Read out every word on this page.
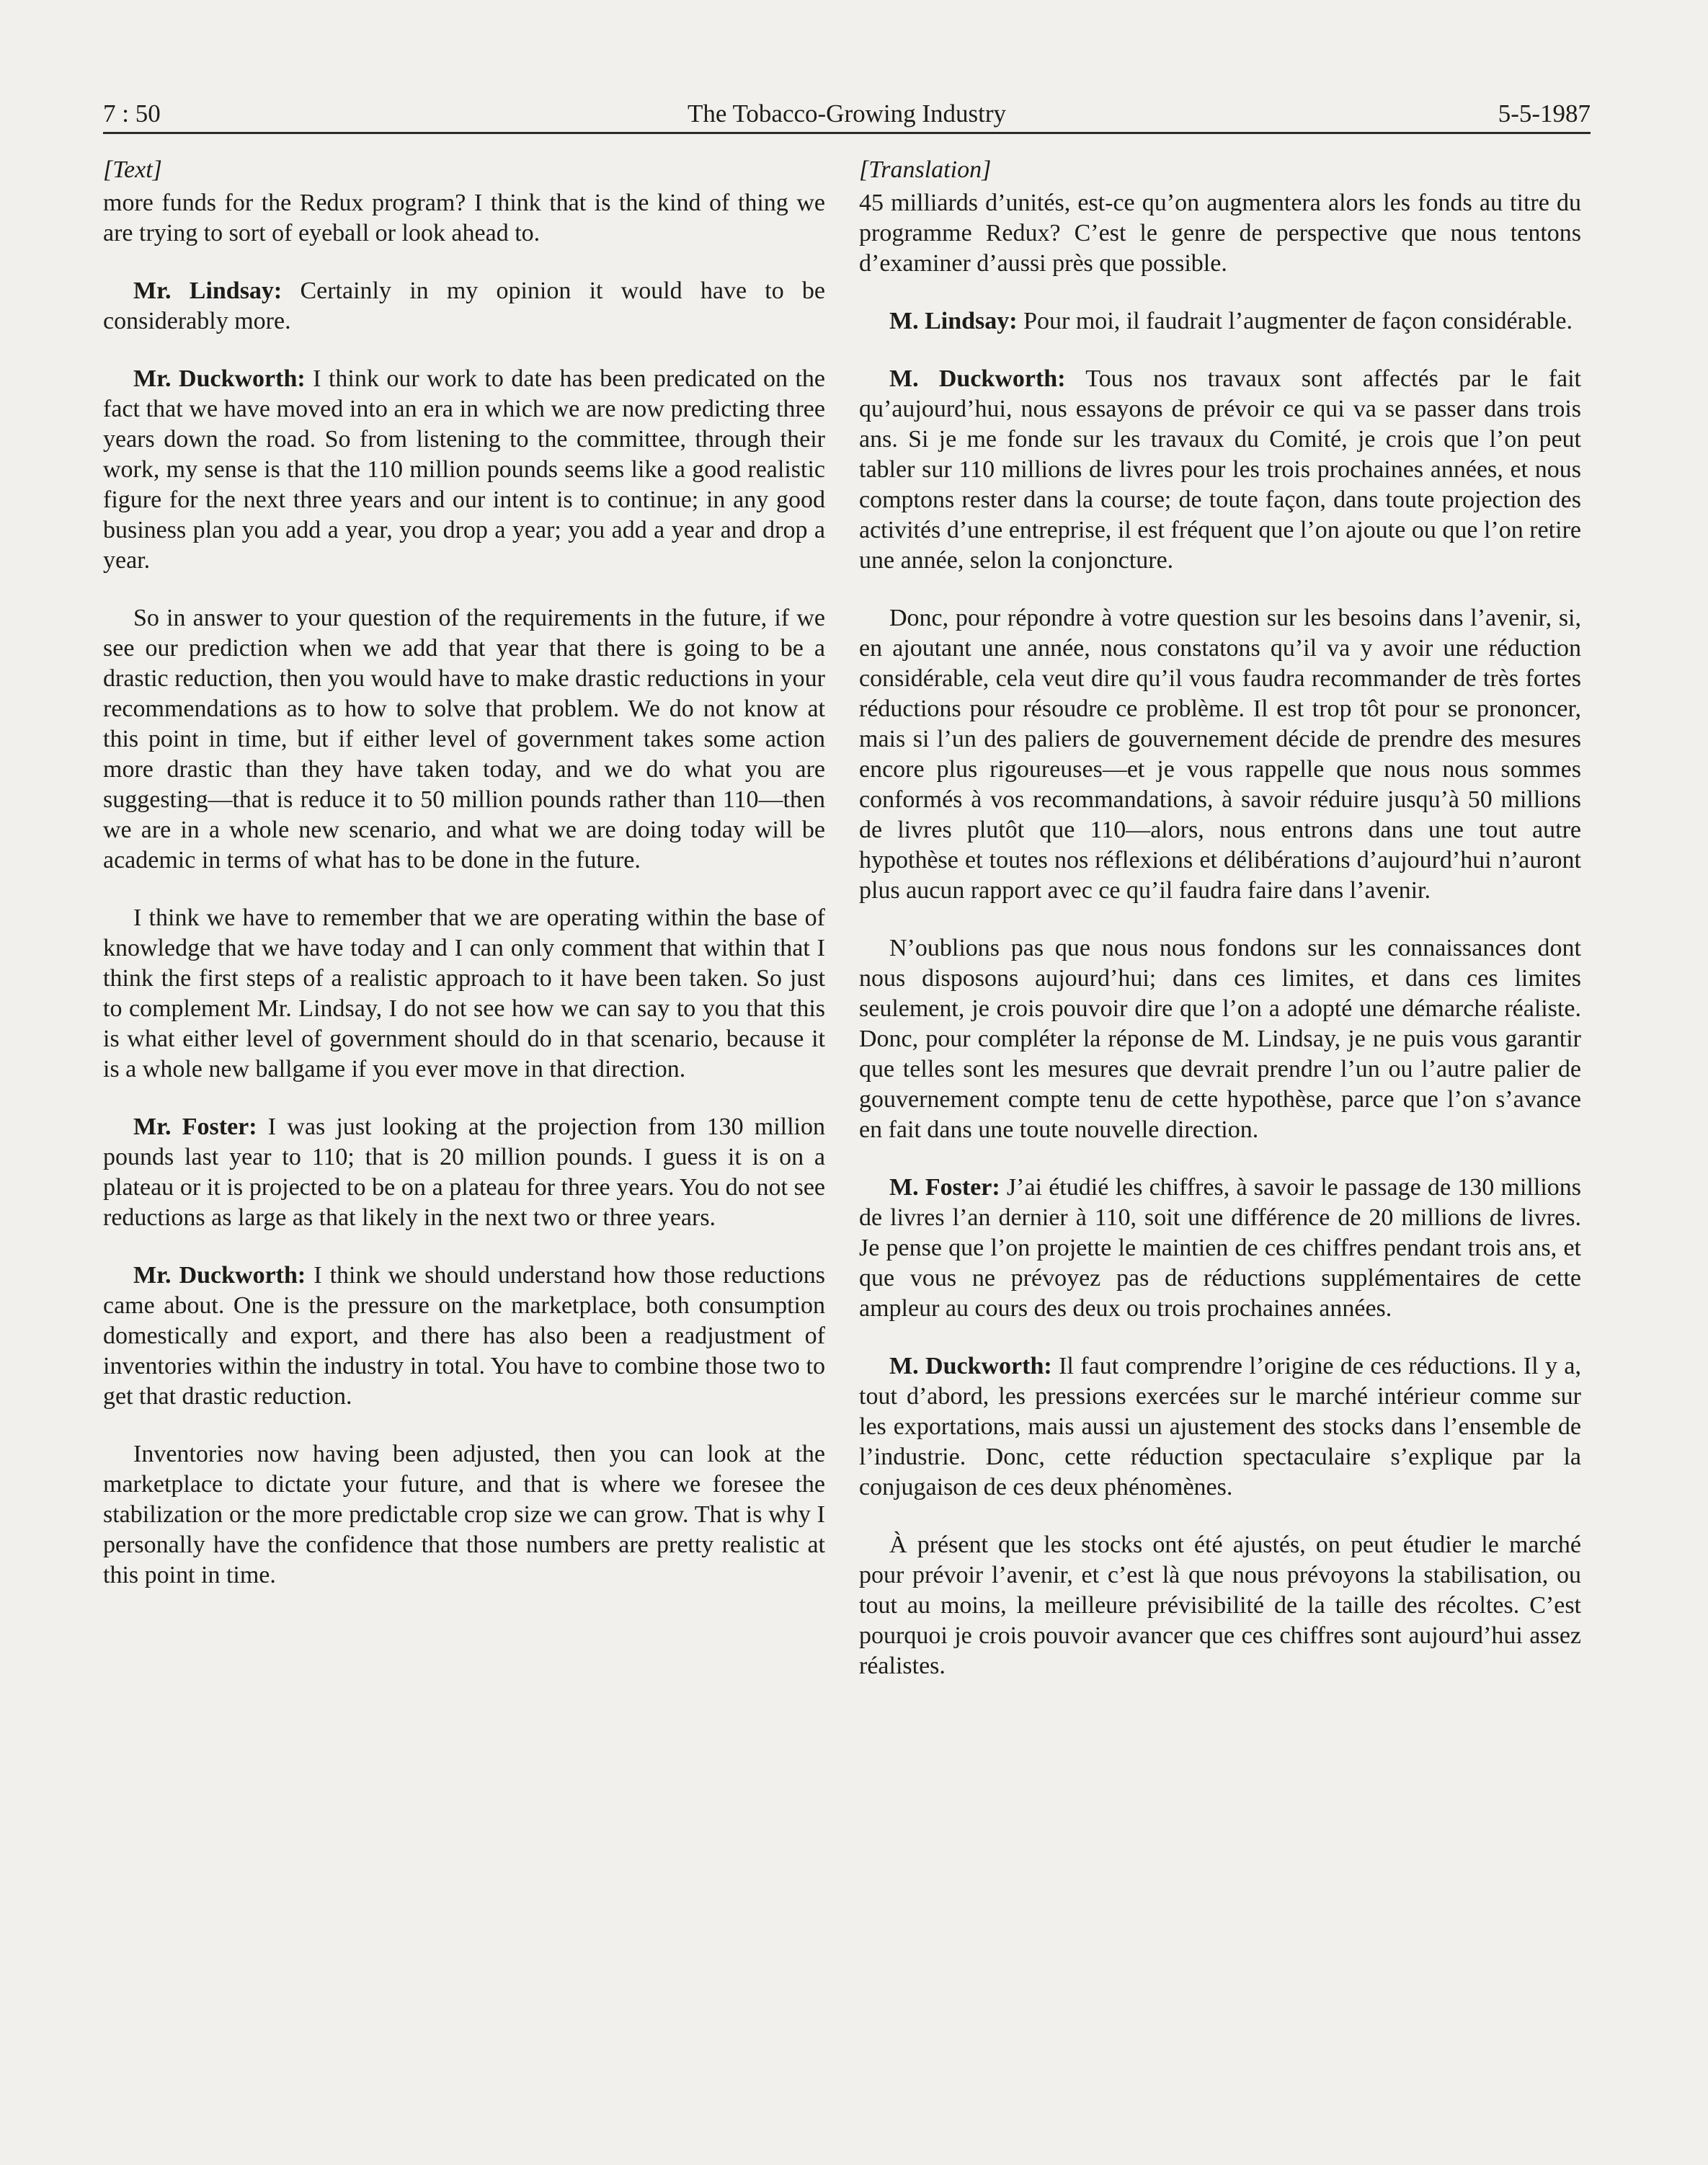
7 : 50	The Tobacco-Growing Industry	5-5-1987
[Text]

more funds for the Redux program? I think that is the kind of thing we are trying to sort of eyeball or look ahead to.

Mr. Lindsay: Certainly in my opinion it would have to be considerably more.

Mr. Duckworth: I think our work to date has been predicated on the fact that we have moved into an era in which we are now predicting three years down the road. So from listening to the committee, through their work, my sense is that the 110 million pounds seems like a good realistic figure for the next three years and our intent is to continue; in any good business plan you add a year, you drop a year; you add a year and drop a year.

So in answer to your question of the requirements in the future, if we see our prediction when we add that year that there is going to be a drastic reduction, then you would have to make drastic reductions in your recommendations as to how to solve that problem. We do not know at this point in time, but if either level of government takes some action more drastic than they have taken today, and we do what you are suggesting—that is reduce it to 50 million pounds rather than 110—then we are in a whole new scenario, and what we are doing today will be academic in terms of what has to be done in the future.

I think we have to remember that we are operating within the base of knowledge that we have today and I can only comment that within that I think the first steps of a realistic approach to it have been taken. So just to complement Mr. Lindsay, I do not see how we can say to you that this is what either level of government should do in that scenario, because it is a whole new ballgame if you ever move in that direction.

Mr. Foster: I was just looking at the projection from 130 million pounds last year to 110; that is 20 million pounds. I guess it is on a plateau or it is projected to be on a plateau for three years. You do not see reductions as large as that likely in the next two or three years.

Mr. Duckworth: I think we should understand how those reductions came about. One is the pressure on the marketplace, both consumption domestically and export, and there has also been a readjustment of inventories within the industry in total. You have to combine those two to get that drastic reduction.

Inventories now having been adjusted, then you can look at the marketplace to dictate your future, and that is where we foresee the stabilization or the more predictable crop size we can grow. That is why I personally have the confidence that those numbers are pretty realistic at this point in time.

[Translation]

45 milliards d’unités, est-ce qu’on augmentera alors les fonds au titre du programme Redux? C’est le genre de perspective que nous tentons d’examiner d’aussi près que possible.

M. Lindsay: Pour moi, il faudrait l’augmenter de façon considérable.

M. Duckworth: Tous nos travaux sont affectés par le fait qu’aujourd’hui, nous essayons de prévoir ce qui va se passer dans trois ans. Si je me fonde sur les travaux du Comité, je crois que l’on peut tabler sur 110 millions de livres pour les trois prochaines années, et nous comptons rester dans la course; de toute façon, dans toute projection des activités d’une entreprise, il est fréquent que l’on ajoute ou que l’on retire une année, selon la conjoncture.

Donc, pour répondre à votre question sur les besoins dans l’avenir, si, en ajoutant une année, nous constatons qu’il va y avoir une réduction considérable, cela veut dire qu’il vous faudra recommander de très fortes réductions pour résoudre ce problème. Il est trop tôt pour se prononcer, mais si l’un des paliers de gouvernement décide de prendre des mesures encore plus rigoureuses—et je vous rappelle que nous nous sommes conformés à vos recommandations, à savoir réduire jusqu’à 50 millions de livres plutôt que 110—alors, nous entrons dans une tout autre hypothèse et toutes nos réflexions et délibérations d’aujourd’hui n’auront plus aucun rapport avec ce qu’il faudra faire dans l’avenir.

N’oublions pas que nous nous fondons sur les connaissances dont nous disposons aujourd’hui; dans ces limites, et dans ces limites seulement, je crois pouvoir dire que l’on a adopté une démarche réaliste. Donc, pour compléter la réponse de M. Lindsay, je ne puis vous garantir que telles sont les mesures que devrait prendre l’un ou l’autre palier de gouvernement compte tenu de cette hypothèse, parce que l’on s’avance en fait dans une toute nouvelle direction.

M. Foster: J’ai étudié les chiffres, à savoir le passage de 130 millions de livres l’an dernier à 110, soit une différence de 20 millions de livres. Je pense que l’on projette le maintien de ces chiffres pendant trois ans, et que vous ne prévoyez pas de réductions supplémentaires de cette ampleur au cours des deux ou trois prochaines années.

M. Duckworth: Il faut comprendre l’origine de ces réductions. Il y a, tout d’abord, les pressions exercées sur le marché intérieur comme sur les exportations, mais aussi un ajustement des stocks dans l’ensemble de l’industrie. Donc, cette réduction spectaculaire s’explique par la conjugaison de ces deux phénomènes.

À présent que les stocks ont été ajustés, on peut étudier le marché pour prévoir l’avenir, et c’est là que nous prévoyons la stabilisation, ou tout au moins, la meilleure prévisibilité de la taille des récoltes. C’est pourquoi je crois pouvoir avancer que ces chiffres sont aujourd’hui assez réalistes.
